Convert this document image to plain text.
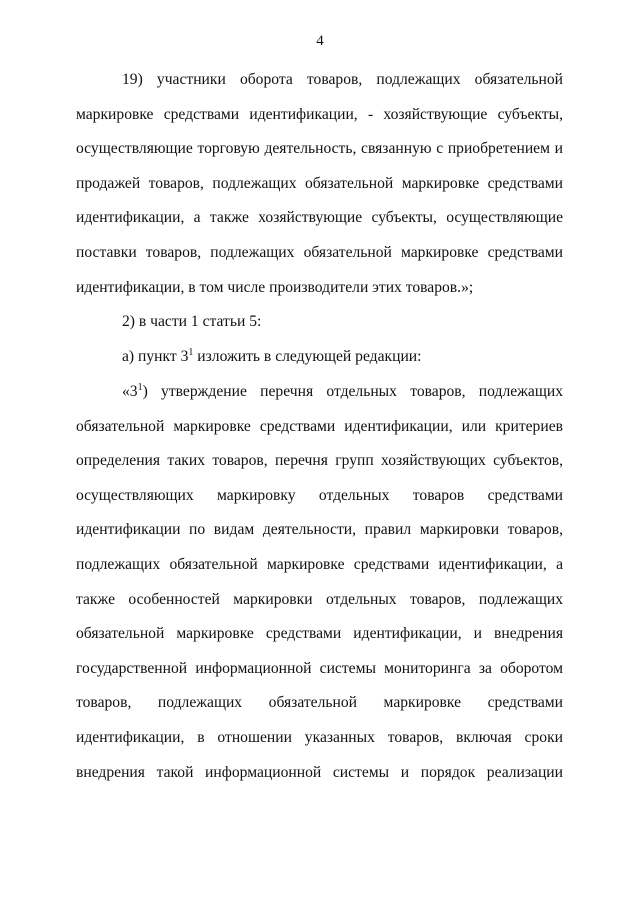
4
19) участники оборота товаров, подлежащих обязательной
маркировке средствами идентификации, - хозяйствующие субъекты,
осуществляющие торговую деятельность, связанную с приобретением и
продажей товаров, подлежащих обязательной маркировке средствами
идентификации, а также хозяйствующие субъекты, осуществляющие
поставки товаров, подлежащих обязательной маркировке средствами
идентификации, в том числе производители этих товаров.»;
2) в части 1 статьи 5:
а) пункт $3^1$ изложить в следующей редакции:
«$3^1$) утверждение перечня отдельных товаров, подлежащих
обязательной маркировке средствами идентификации, или критериев
определения таких товаров, перечня групп хозяйствующих субъектов,
осуществляющих маркировку отдельных товаров средствами
идентификации по видам деятельности, правил маркировки товаров,
подлежащих обязательной маркировке средствами идентификации, а
также особенностей маркировки отдельных товаров, подлежащих
обязательной маркировке средствами идентификации, и внедрения
государственной информационной системы мониторинга за оборотом
товаров, подлежащих обязательной маркировке средствами
идентификации, в отношении указанных товаров, включая сроки
внедрения такой информационной системы и порядок реализации
